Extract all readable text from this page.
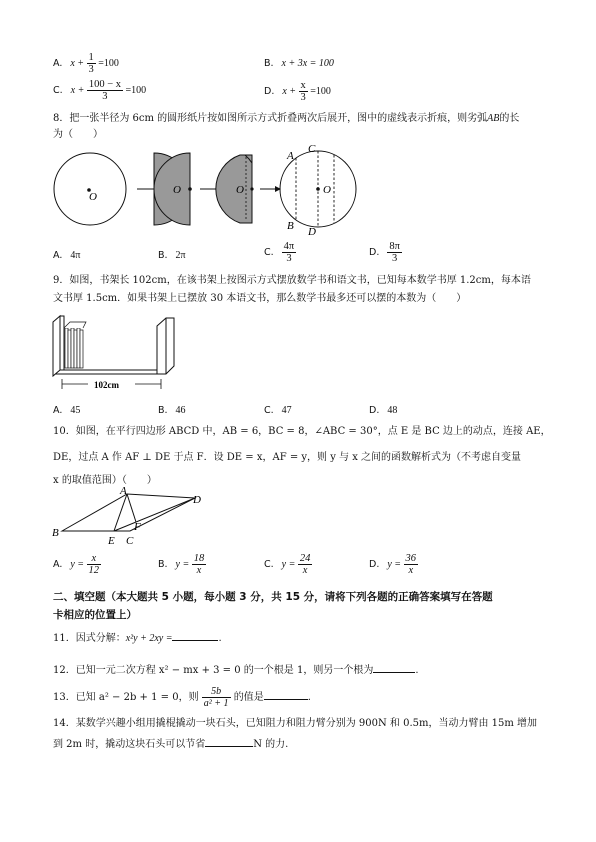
A. $x + \frac{1}{3} =100$	B. x + 3x = 100
C. $x + \frac{100 - x}{3} =100$	D. $x + \frac{x}{3} =100$
8．把一张半径为 6cm 的圆形纸片按如图所示方式折叠两次后展开，图中的虚线表示折痕，则劣弧AB的长
为（　　）
O
O	O
A
C
B D
O
A. 4π	B. 2π	C. $\frac{4\pi}{3}$	D. $\frac{8\pi}{3}$
9．如图，书架长 102cm，在该书架上按图示方式摆放数学书和语文书，已知每本数学书厚 1.2cm，每本语
文书厚 1.5cm．如果书架上已摆放 30 本语文书，那么数学书最多还可以摆的本数为（　　）
102cm
A. 45	B. 46	C. 47	D. 48
10．如图，在平行四边形 ABCD 中，AB = 6，BC = 8，∠ABC = 30°，点 E 是 BC 边上的动点，连接 AE，
DE，过点 A 作 AF ⊥ DE 于点 F．设 DE = x，AF = y，则 y 与 x 之间的函数解析式为（不考虑自变量
x 的取值范围）（　　）
A
B
C
D
E
F
A. $y = \frac{x}{12}$	B. $y = \frac{18}{x}$	C. $y = \frac{24}{x}$	D. $y = \frac{36}{x}$
二、填空题（本大题共 5 小题，每小题 3 分，共 15 分，请将下列各题的正确答案填写在答题
卡相应的位置上）
11．因式分解：x²y + 2xy =	.
12．已知一元二次方程 x² − mx + 3 = 0 的一个根是 1，则另一个根为	.
13．已知 a² − 2b + 1 = 0，则 $\frac{5b}{\text{a² + 1}}$ 的值是	.
14．某数学兴趣小组用撬棍撬动一块石头，已知阻力和阻力臂分别为 900N 和 0.5m，当动力臂由 15m 增加
到 2m 时，撬动这块石头可以节省	N 的力.
